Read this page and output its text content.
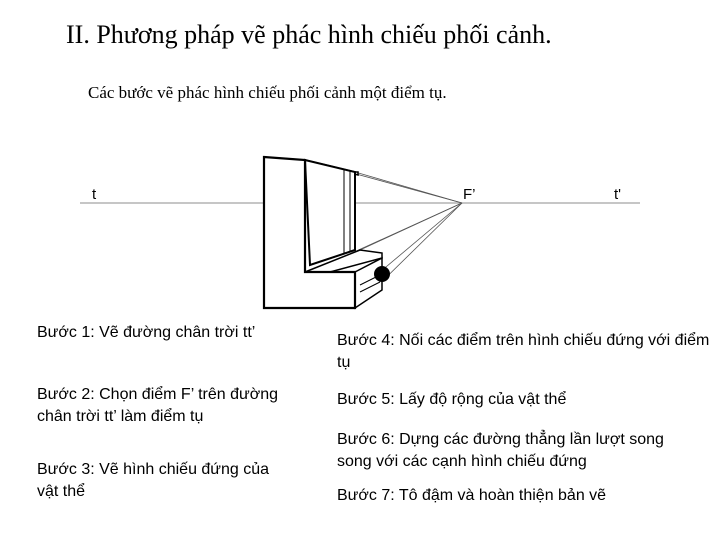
II. Phương pháp vẽ phác hình chiếu phối cảnh.
Các bước vẽ phác hình chiếu phối cảnh một điểm tụ.
t	F’	t'
Bước 1: Vẽ đường chân trời tt’
Bước 2: Chọn điểm F’ trên đường chân trời tt’ làm điểm tụ
Bước 3: Vẽ hình chiếu đứng của vật thể
Bước 4: Nối các điểm trên hình chiếu đứng với điểm tụ
Bước 5: Lấy độ rộng của vật thể
Bước 6: Dựng các đường thẳng lần lượt song song với các cạnh hình chiếu đứng
Bước 7: Tô đậm và hoàn thiện bản vẽ
